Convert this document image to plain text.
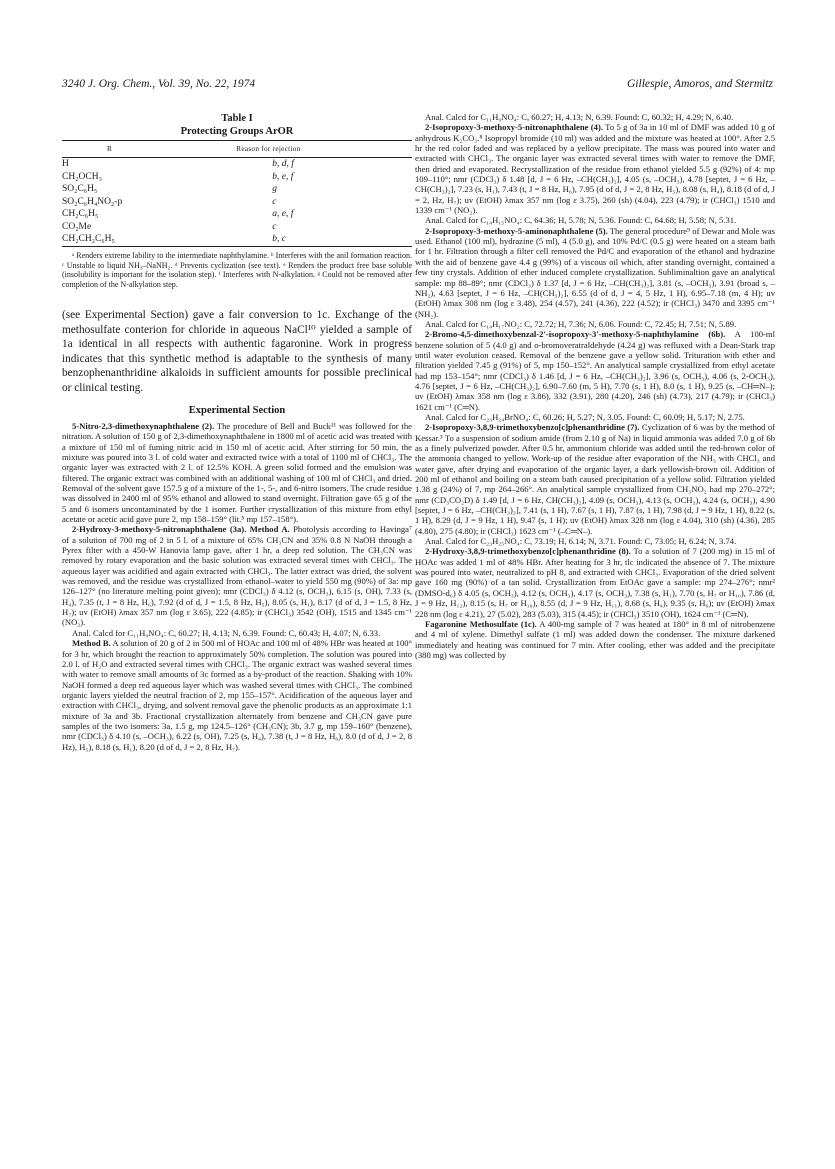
3240 J. Org. Chem., Vol. 39, No. 22, 1974	Gillespie, Amoros, and Stermitz
Table I
Protecting Groups ArOR
R	Reason for rejection
H	b, d, f
CH₂OCH₃	b, e, f
SO₂C₆H₅	g
SO₂C₆H₄NO₂-p	c
CH₂C₆H₅	a, e, f
CO₂Me	c
CH₂CH₂C₆H₅	b, c

ᵃ Renders extreme lability to the intermediate naphthylamine. ᵇ Interferes with the anil formation reaction. ᶜ Unstable to liquid NH₃–NaNH₂. ᵈ Prevents cyclization (see text). ᵉ Renders the product free base soluble (insolubility is important for the isolation step). ᶠ Interferes with N-alkylation. ᵍ Could not be removed after completion of the N-alkylation step.

(see Experimental Section) gave a fair conversion to 1c. Exchange of the methosulfate conterion for chloride in aqueous NaCl¹⁰ yielded a sample of 1a identical in all respects with authentic fagaronine. Work in progress indicates that this synthetic method is adaptable to the synthesis of many benzophenanthridine alkaloids in sufficient amounts for possible preclinical or clinical testing.

Experimental Section

5-Nitro-2,3-dimethoxynaphthalene (2). The procedure of Bell and Buck¹¹ was followed for the nitration. A solution of 150 g of 2,3-dimethoxynaphthalene in 1800 ml of acetic acid was treated with a mixture of 150 ml of fuming nitric acid in 150 ml of acetic acid. After stirring for 50 min, the mixture was poured into 3 l. of cold water and extracted twice with a total of 1100 ml of CHCl₃. The organic layer was extracted with 2 l. of 12.5% KOH. A green solid formed and the emulsion was filtered. The organic extract was combined with an additional washing of 100 ml of CHCl₃ and dried. Removal of the solvent gave 157.5 g of a mixture of the 1-, 5-, and 6-nitro isomers. The crude residue was dissolved in 2400 ml of 95% ethanol and allowed to stand overnight. Filtration gave 65 g of the 5 and 6 isomers uncontaminated by the 1 isomer. Further crystallization of this mixture from ethyl acetate or acetic acid gave pure 2, mp 158–159° (lit.⁵ mp 157–158°).

2-Hydroxy-3-methoxy-5-nitronaphthalene (3a). Method A. Photolysis according to Havinga⁷ of a solution of 700 mg of 2 in 5 l. of a mixture of 65% CH₃CN and 35% 0.8 N NaOH through a Pyrex filter with a 450-W Hanovia lamp gave, after 1 hr, a deep red solution. The CH₃CN was removed by rotary evaporation and the basic solution was extracted several times with CHCl₃. The aqueous layer was acidified and again extracted with CHCl₃. The latter extract was dried, the solvent was removed, and the residue was crystallized from ethanol–water to yield 550 mg (90%) of 3a: mp 126–127° (no literature melting point given); nmr (CDCl₃) δ 4.12 (s, OCH₃), 6.15 (s, OH), 7.33 (s, H₄), 7.35 (t, J = 8 Hz, H₆), 7.92 (d of d, J = 1.5, 8 Hz, H₅), 8.05 (s, H₁), 8.17 (d of d, J = 1.5, 8 Hz, H₇); uv (EtOH) λmax 357 nm (log ε 3.65), 222 (4.85); ir (CHCl₃) 3542 (OH), 1515 and 1345 cm⁻¹ (NO₂).

Anal. Calcd for C₁₁H₉NO₄: C, 60.27; H, 4.13; N, 6.39. Found: C, 60.43; H, 4.07; N, 6.33.

Method B. A solution of 20 g of 2 in 500 ml of HOAc and 100 ml of 48% HBr was heated at 100° for 3 hr, which brought the reaction to approximately 50% completion. The solution was poured into 2.0 l. of H₂O and extracted several times with CHCl₃. The organic extract was washed several times with water to remove small amounts of 3c formed as a by-product of the reaction. Shaking with 10% NaOH formed a deep red aqueous layer which was washed several times with CHCl₃. The combined organic layers yielded the neutral fraction of 2, mp 155–157°. Acidification of the aqueous layer and extraction with CHCl₃, drying, and solvent removal gave the phenolic products as an approximate 1:1 mixture of 3a and 3b. Fractional crystallization alternately from benzene and CH₃CN gave pure samples of the two isomers: 3a, 1.5 g, mp 124.5–126° (CH₃CN); 3b, 3.7 g, mp 159–160° (benzene), nmr (CDCl₃) δ 4.10 (s, –OCH₃), 6.22 (s, OH), 7.25 (s, H₄), 7.38 (t, J = 8 Hz, H₆), 8.0 (d of d, J = 2, 8 Hz), H₅), 8.18 (s, H₁), 8.20 (d of d, J = 2, 8 Hz, H₇).

Anal. Calcd for C₁₁H₉NO₄: C, 60.27; H, 4.13; N, 6.39. Found: C, 60.32; H, 4.29; N, 6.40.

2-Isopropoxy-3-methoxy-5-nitronaphthalene (4). To 5 g of 3a in 10 ml of DMF was added 10 g of anhydrous K₂CO₃.⁸ Isopropyl bromide (10 ml) was added and the mixture was heated at 100°. After 2.5 hr the red color faded and was replaced by a yellow precipitate. The mass was poured into water and extracted with CHCl₃. The organic layer was extracted several times with water to remove the DMF, then dried and evaporated. Recrystallization of the residue from ethanol yielded 5.5 g (92%) of 4: mp 109–110°; nmr (CDCl₃) δ 1.48 [d, J = 6 Hz, –CH(CH₃)₂], 4.05 (s, –OCH₃), 4.78 [septet, J = 6 Hz, –CH(CH₃)₂], 7.23 (s, H₁), 7.43 (t, J = 8 Hz, H₆), 7.95 (d of d, J = 2, 8 Hz, H₅), 8.08 (s, H₄), 8.18 (d of d, J = 2, Hz, H₇); uv (EtOH) λmax 357 nm (log ε 3.75), 260 (sh) (4.04), 223 (4.79); ir (CHCl₃) 1510 and 1339 cm⁻¹ (NO₂).

Anal. Calcd for C₁₄H₁₅NO₄: C, 64.36; H, 5.78; N, 5.36. Found: C, 64.68; H, 5.58; N, 5.31.

2-Isopropoxy-3-methoxy-5-aminonaphthalene (5). The general procedure⁹ of Dewar and Mole was used. Ethanol (100 ml), hydrazine (5 ml), 4 (5.0 g), and 10% Pd/C (0.5 g) were heated on a steam bath for 1 hr. Filtration through a filter cell removed the Pd/C and evaporation of the ethanol and hydrazine with the aid of benzene gave 4.4 g (99%) of a viscous oil which, after standing overnight, contained a few tiny crystals. Addition of ether induced complete crystallization. Subliminaltion gave an analytical sample: mp 88–89°; nmr (CDCl₃) δ 1.37 [d, J = 6 Hz, –CH(CH₃)₂], 3.81 (s, –OCH₃), 3.91 (broad s, –NH₂), 4.63 [septet, J = 6 Hz, –CH(CH₃)₂], 6.55 (d of d, J = 4, 5 Hz, 1 H), 6.95–7.18 (m, 4 H); uv (EtOH) λmax 308 nm (log ε 3.48), 254 (4.57), 241 (4.36), 222 (4.52); ir (CHCl₃) 3470 and 3395 cm⁻¹ (NH₂).

Anal. Calcd for C₁₄H₁₇NO₂: C, 72.72; H, 7.36; N, 6.06. Found: C, 72.45; H, 7.51; N, 5.89.

2-Bromo-4,5-dimethoxybenzal-2′-isopropoxy-3′-methoxy-5-naphthylamine (6b). A 100-ml benzene solution of 5 (4.0 g) and o-bromoveratraldehyde (4.24 g) was refluxed with a Dean-Stark trap until water evolution ceased. Removal of the benzene gave a yellow solid. Trituration with ether and filtration yielded 7.45 g (91%) of 5, mp 150–152°. An analytical sample crystallized from ethyl acetate had mp 153–154°; nmr (CDCl₃) δ 1.46 [d, J = 6 Hz, –CH(CH₃)₂], 3.96 (s, OCH₃), 4.06 (s, 2-OCH₃), 4.76 [septet, J = 6 Hz, –CH(CH₃)₂], 6.90–7.60 (m, 5 H), 7.70 (s, 1 H), 8.0 (s, 1 H), 9.25 (s, –CH═N–); uv (EtOH) λmax 358 nm (log ε 3.86), 332 (3.91), 280 (4.20), 246 (sh) (4.73), 217 (4.79); ir (CHCl₃) 1621 cm⁻¹ (C═N).

Anal. Calcd for C₂₃H₂₄BrNO₄: C, 60.26; H, 5.27; N, 3.05. Found: C, 60.09; H, 5.17; N, 2.75.

2-Isopropoxy-3,8,9-trimethoxybenzo[c]phenanthridine (7). Cyclization of 6 was by the method of Kessar.³ To a suspension of sodium amide (from 2.10 g of Na) in liquid ammonia was added 7.0 g of 6b as a finely pulverized powder. After 0.5 hr, ammonium chloride was added until the red-brown color of the ammonia changed to yellow. Work-up of the residue after evaporation of the NH₃ with CHCl₃ and water gave, after drying and evaporation of the organic layer, a dark yellowish-brown oil. Addition of 200 ml of ethanol and boiling on a steam bath caused precipitation of a yellow solid. Filtration yielded 1.38 g (24%) of 7, mp 264–266°. An analytical sample crystallized from CH₃NO₂ had mp 270–272°; nmr (CD₃CO₂D) δ 1.49 [d, J = 6 Hz, CH(CH₃)₂], 4.09 (s, OCH₃), 4.13 (s, OCH₃), 4.24 (s, OCH₃), 4.90 [septet, J = 6 Hz, –CH(CH₃)₂], 7.41 (s, 1 H), 7.67 (s, 1 H), 7.87 (s, 1 H), 7.98 (d, J = 9 Hz, 1 H), 8.22 (s, 1 H), 8.29 (d, J = 9 Hz, 1 H), 9.47 (s, 1 H); uv (EtOH) λmax 328 nm (log ε 4.04), 310 (sh) (4.36), 285 (4.80), 275 (4.80); ir (CHCl₃) 1623 cm⁻¹ (–C═N–).

Anal. Calcd for C₂₃H₂₅NO₄: C, 73.19; H, 6.14; N, 3.71. Found: C, 73.05; H, 6.24; N, 3.74.

2-Hydroxy-3,8,9-trimethoxybenzo[c]phenanthridine (8). To a solution of 7 (200 mg) in 15 ml of HOAc was added 1 ml of 48% HBr. After heating for 3 hr, tlc indicated the absence of 7. The mixture was poured into water, neutralized to pH 8, and extracted with CHCl₃. Evaporation of the dried solvent gave 160 mg (90%) of a tan solid. Crystallization from EtOAc gave a sample: mp 274–276°; nmr² (DMSO-d₆) δ 4.05 (s, OCH₃), 4.12 (s, OCH₃), 4.17 (s, OCH₃), 7.38 (s, H₁), 7.70 (s, H₇ or H₁₀), 7.86 (d, J = 9 Hz, H₁₂), 8.15 (s, H₇ or H₁₀), 8.55 (d, J = 9 Hz, H₁₁), 8.68 (s, H₄), 9.35 (s, H₆); uv (EtOH) λmax 228 nm (log ε 4.21), 27 (5.02), 283 (5.03), 315 (4.45); ir (CHCl₃) 3510 (OH), 1624 cm⁻¹ (C═N).

Fagaronine Methosulfate (1c). A 400-mg sample of 7 was heated at 180° in 8 ml of nitrobenzene and 4 ml of xylene. Dimethyl sulfate (1 ml) was added down the condenser. The mixture darkened immediately and heating was continued for 7 min. After cooling, ether was added and the precipitate (380 mg) was collected by
